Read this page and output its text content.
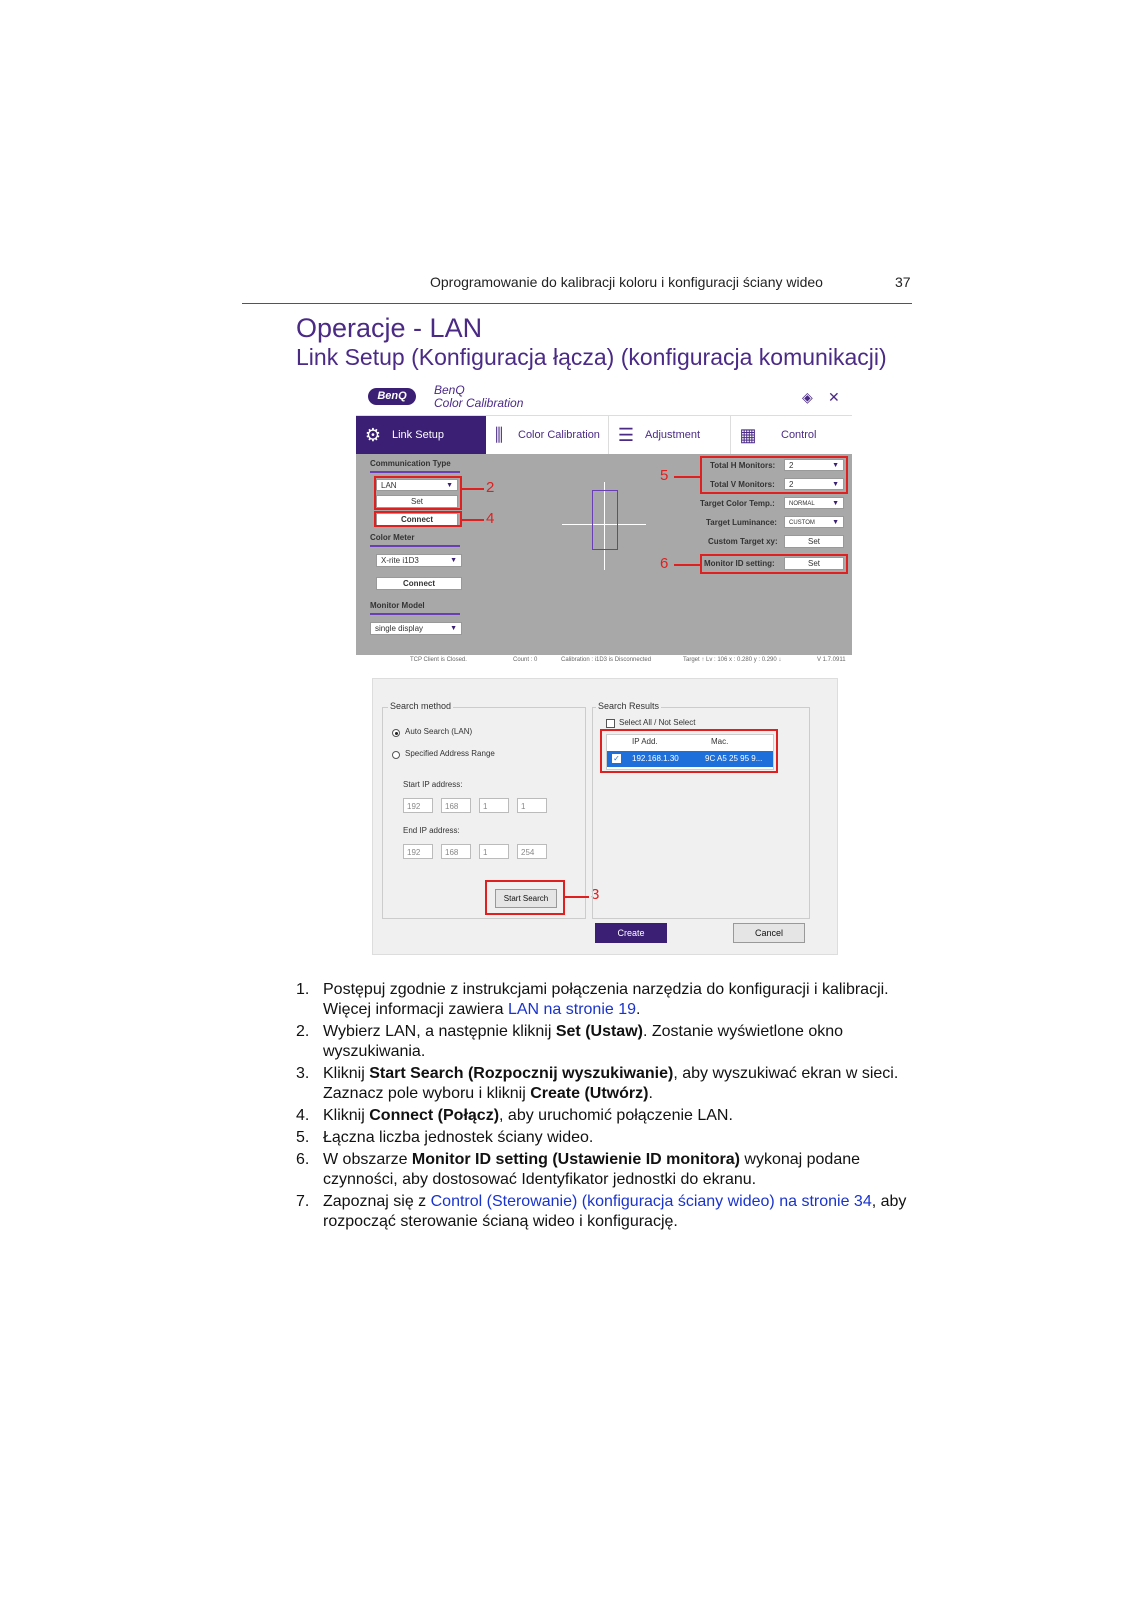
Oprogramowanie do kalibracji koloru i konfiguracji ściany wideo	37
Operacje - LAN
Link Setup (Konfiguracja łącza) (konfiguracja komunikacji)
BenQ	BenQ
Color Calibration	◈ ✕
⚙ Link Setup	⫼	Color Calibration ☰ Adjustment ▦ Control
Communication Type
LAN	▼
Set
Connect
Color Meter
X-rite i1D3	▼
Connect
Monitor Model
single display	▼
Total H Monitors:	2	▼
Total V Monitors:	2	▼
Target Color Temp.:	NORMAL ▼
Target Luminance:	CUSTOM ▼
Custom Target xy:	Set
Monitor ID setting:	Set
2
4
5
6
TCP Client is Closed.	Count : 0	Calibration : i1D3 is Disconnected	Target ↑ Lv : 106 x : 0.280 y : 0.290 ↓	V 1.7.0911
Search method
Auto Search (LAN)
Specified Address Range
Start IP address:
192	168	1	1
End IP address:
192	168	1	254
Start Search	3
Search Results
Select All / Not Select
IP Add.	Mac.
✓ 192.168.1.30	9C A5 25 95 9...
Create	Cancel
1. Postępuj zgodnie z instrukcjami połączenia narzędzia do konfiguracji i kalibracji. Więcej informacji zawiera LAN na stronie 19.
2. Wybierz LAN, a następnie kliknij Set (Ustaw). Zostanie wyświetlone okno wyszukiwania.
3. Kliknij Start Search (Rozpocznij wyszukiwanie), aby wyszukiwać ekran w sieci. Zaznacz pole wyboru i kliknij Create (Utwórz).
4. Kliknij Connect (Połącz), aby uruchomić połączenie LAN.
5. Łączna liczba jednostek ściany wideo.
6. W obszarze Monitor ID setting (Ustawienie ID monitora) wykonaj podane czynności, aby dostosować Identyfikator jednostki do ekranu.
7. Zapoznaj się z Control (Sterowanie) (konfiguracja ściany wideo) na stronie 34, aby rozpocząć sterowanie ścianą wideo i konfigurację.
